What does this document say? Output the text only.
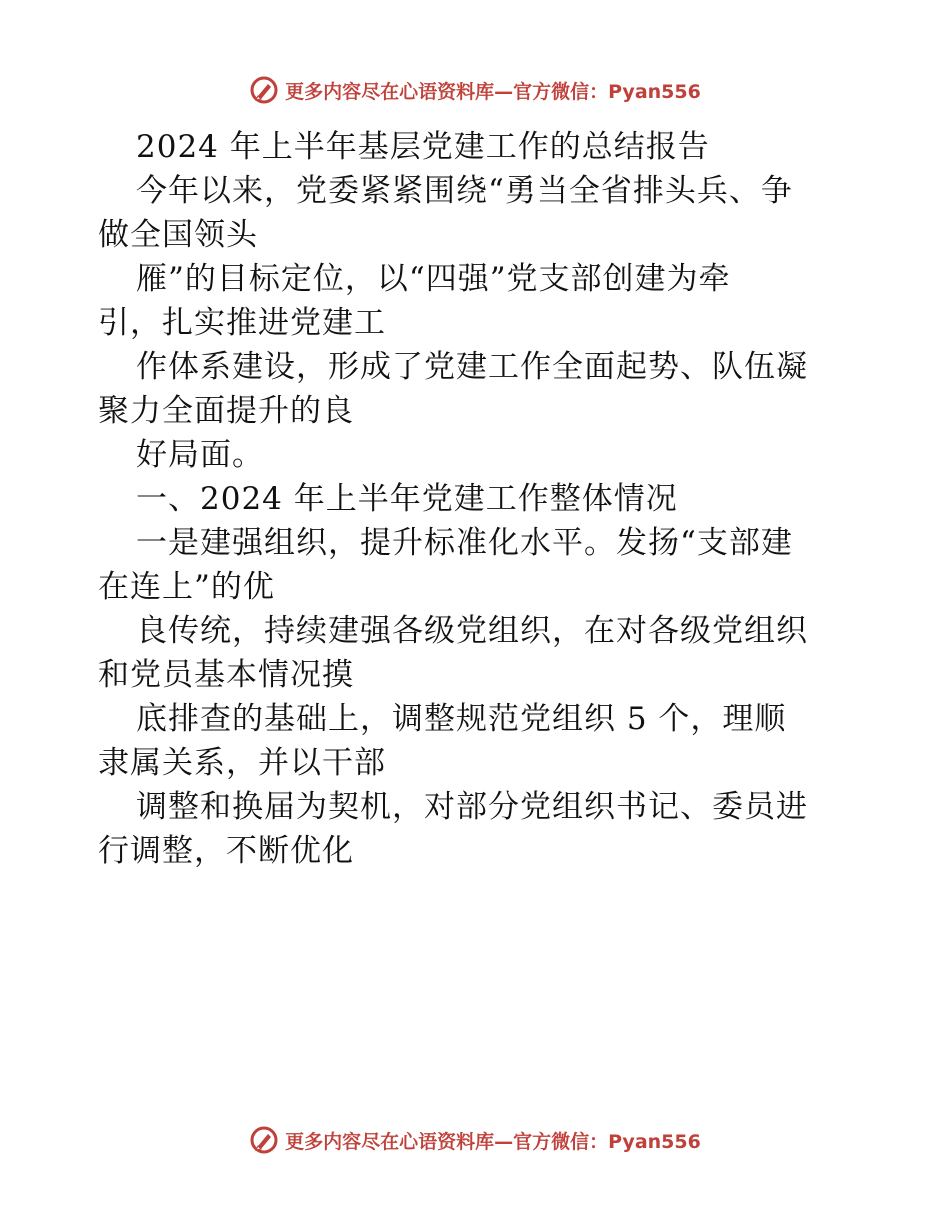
更多内容尽在心语资料库—官方微信：Pyan556
2024 年上半年基层党建工作的总结报告
今年以来，党委紧紧围绕“勇当全省排头兵、争
做全国领头
雁”的目标定位，以“四强”党支部创建为牵
引，扎实推进党建工
作体系建设，形成了党建工作全面起势、队伍凝
聚力全面提升的良
好局面。
一、2024 年上半年党建工作整体情况
一是建强组织，提升标准化水平。发扬“支部建
在连上”的优
良传统，持续建强各级党组织，在对各级党组织
和党员基本情况摸
底排查的基础上，调整规范党组织 5 个，理顺
隶属关系，并以干部
调整和换届为契机，对部分党组织书记、委员进
行调整，不断优化
更多内容尽在心语资料库—官方微信：Pyan556
